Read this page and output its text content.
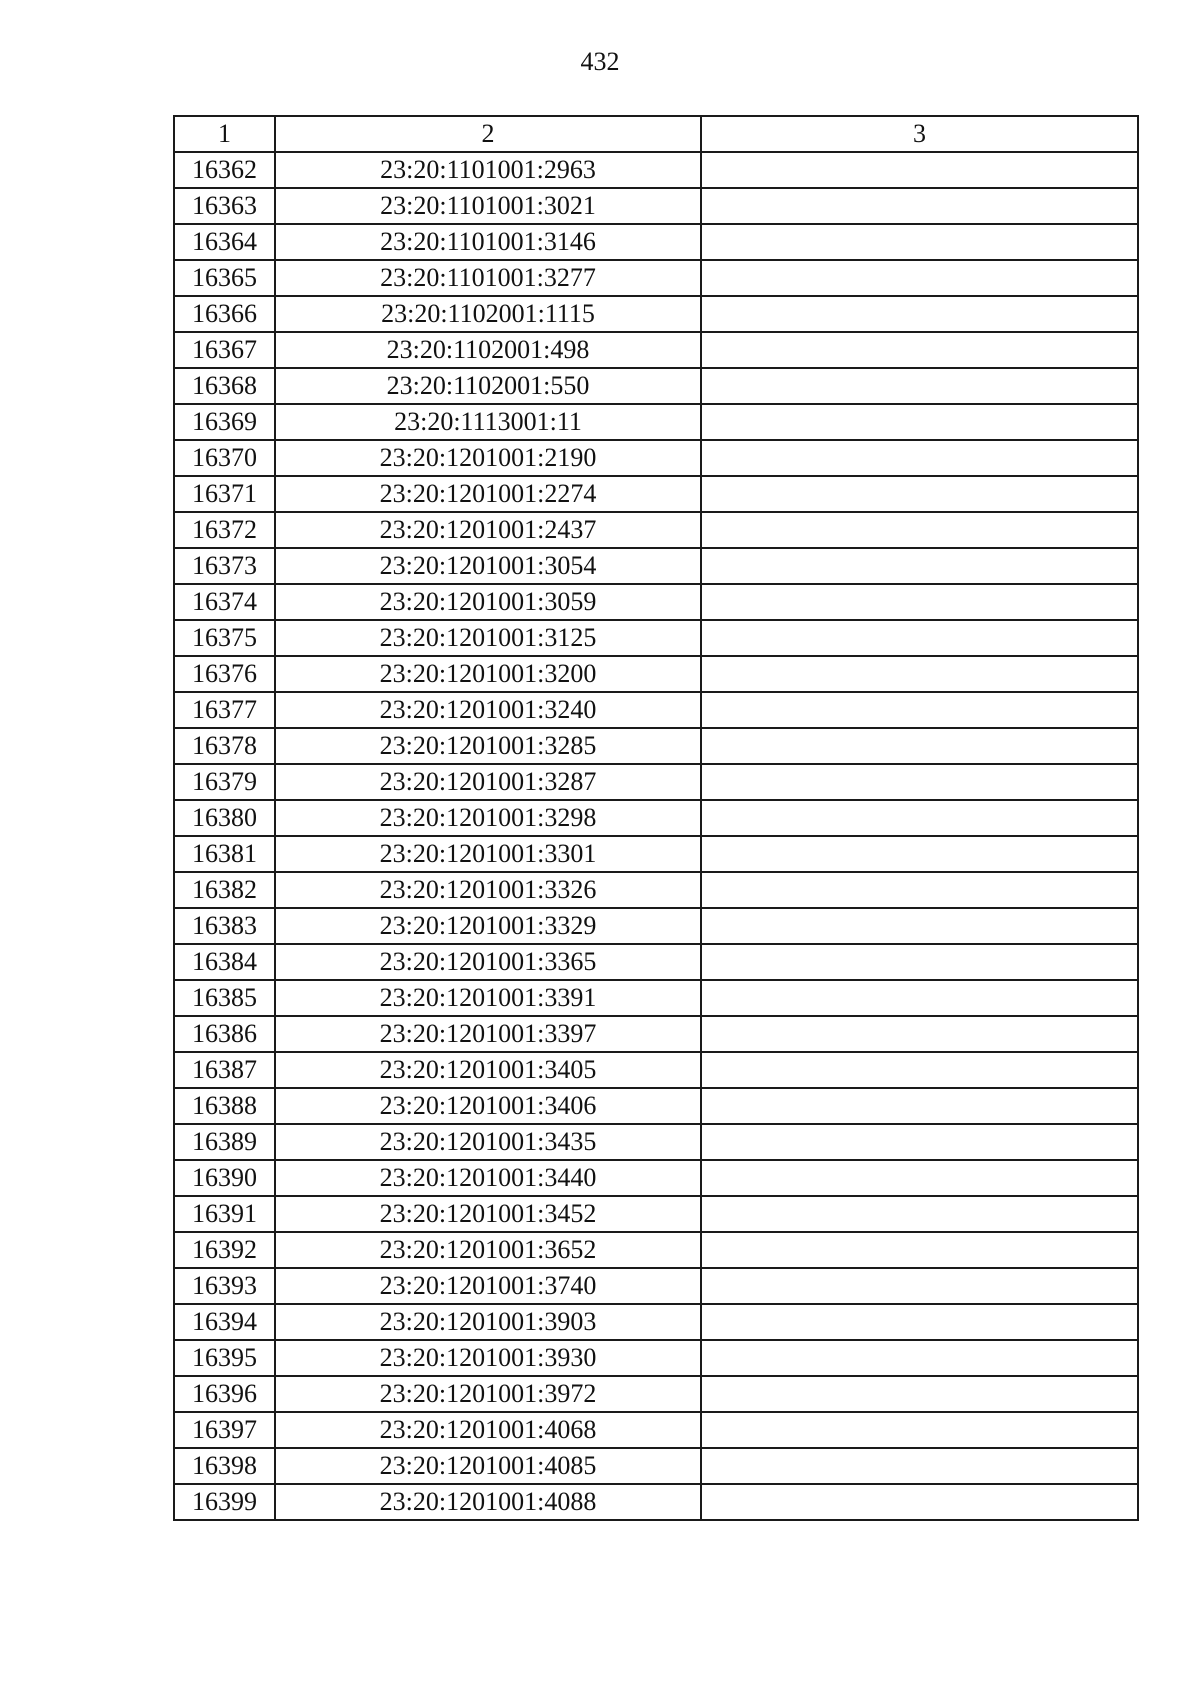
432
1	2	3
16362	23:20:1101001:2963	
16363	23:20:1101001:3021	
16364	23:20:1101001:3146	
16365	23:20:1101001:3277	
16366	23:20:1102001:1115	
16367	23:20:1102001:498	
16368	23:20:1102001:550	
16369	23:20:1113001:11	
16370	23:20:1201001:2190	
16371	23:20:1201001:2274	
16372	23:20:1201001:2437	
16373	23:20:1201001:3054	
16374	23:20:1201001:3059	
16375	23:20:1201001:3125	
16376	23:20:1201001:3200	
16377	23:20:1201001:3240	
16378	23:20:1201001:3285	
16379	23:20:1201001:3287	
16380	23:20:1201001:3298	
16381	23:20:1201001:3301	
16382	23:20:1201001:3326	
16383	23:20:1201001:3329	
16384	23:20:1201001:3365	
16385	23:20:1201001:3391	
16386	23:20:1201001:3397	
16387	23:20:1201001:3405	
16388	23:20:1201001:3406	
16389	23:20:1201001:3435	
16390	23:20:1201001:3440	
16391	23:20:1201001:3452	
16392	23:20:1201001:3652	
16393	23:20:1201001:3740	
16394	23:20:1201001:3903	
16395	23:20:1201001:3930	
16396	23:20:1201001:3972	
16397	23:20:1201001:4068	
16398	23:20:1201001:4085	
16399	23:20:1201001:4088	
